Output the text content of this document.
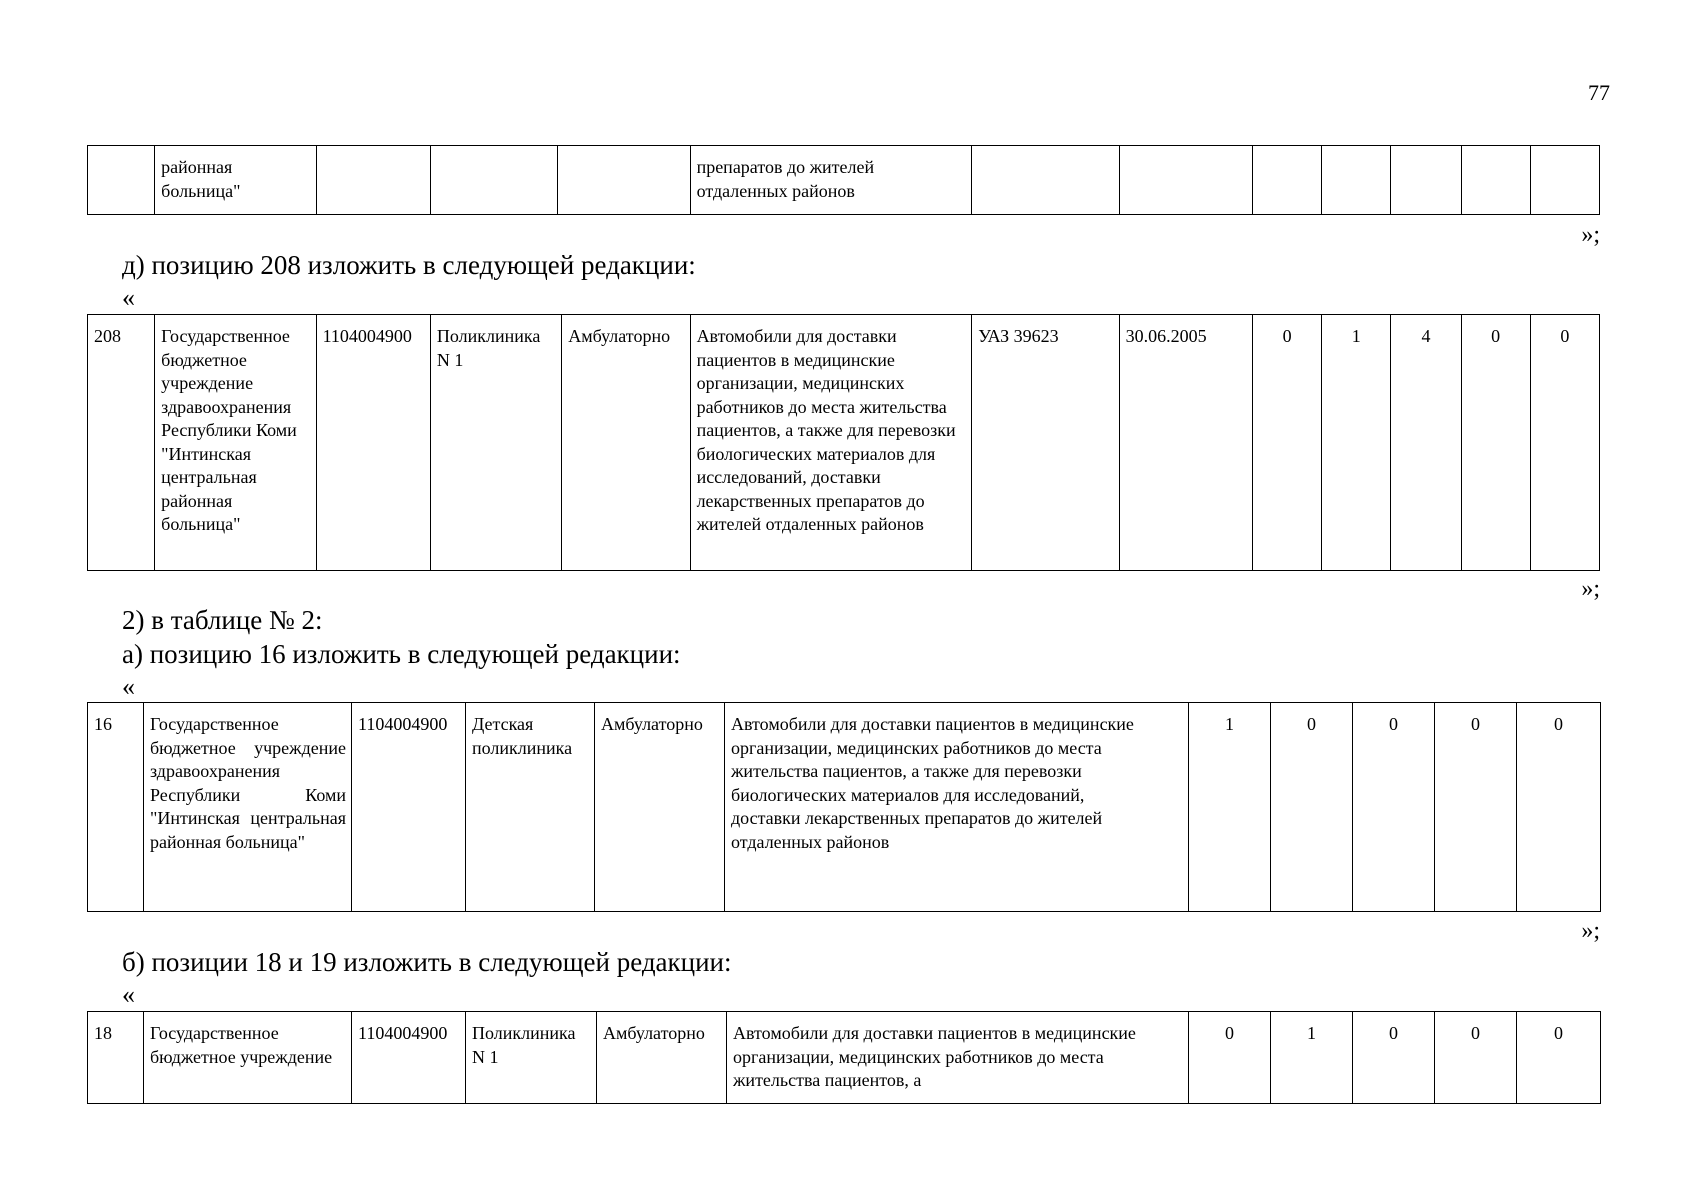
77
	районная больница"				препаратов до жителей отдаленных районов							
»;
д) позицию 208 изложить в следующей редакции:
«
208	Государственное бюджетное учреждение здравоохранения Республики Коми "Интинская центральная районная больница"	1104004900	Поликлиника N 1	Амбулаторно	Автомобили для доставки пациентов в медицинские организации, медицинских работников до места жительства пациентов, а также для перевозки биологических материалов для исследований, доставки лекарственных препаратов до жителей отдаленных районов	УАЗ 39623	30.06.2005	0	1	4	0	0
»;
2) в таблице № 2:
а) позицию 16 изложить в следующей редакции:
«
16	Государственное бюджетное учреждение здравоохранения Республики Коми "Интинская центральная районная больница"	1104004900	Детская поликлиника	Амбулаторно	Автомобили для доставки пациентов в медицинские организации, медицинских работников до места жительства пациентов, а также для перевозки биологических материалов для исследований, доставки лекарственных препаратов до жителей отдаленных районов	1	0	0	0	0
»;
б) позиции 18 и 19 изложить в следующей редакции:
«
18	Государственное бюджетное учреждение	1104004900	Поликлиника N 1	Амбулаторно	Автомобили для доставки пациентов в медицинские организации, медицинских работников до места жительства пациентов, а	0	1	0	0	0
